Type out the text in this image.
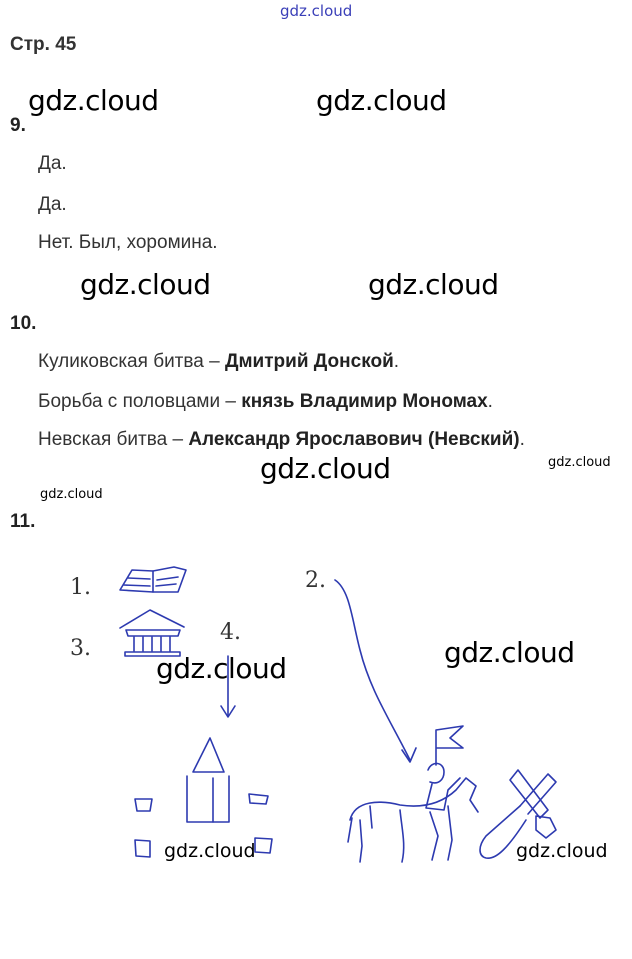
gdz.cloud
Стр. 45
gdz.cloud	gdz.cloud
9.
Да.
Да.
Нет. Был, хоромина.
gdz.cloud	gdz.cloud
10.
Куликовская битва – Дмитрий Донской.
Борьба с половцами – князь Владимир Мономах.
Невская битва – Александр Ярославович (Невский).
gdz.cloud	gdz.cloud
gdz.cloud
11.
1.	2.
3.
4.
gdz.cloud	gdz.cloud
gdz.cloud	gdz.cloud
